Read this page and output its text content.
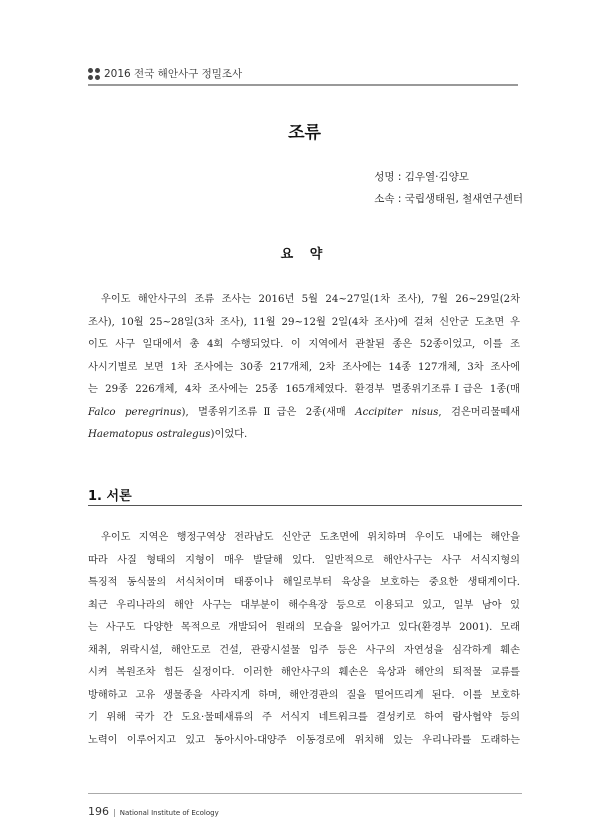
2016 전국 해안사구 정밀조사
조류
성명 : 김우열·김양모
소속 : 국립생태원, 철새연구센터
요 약
우이도 해안사구의 조류 조사는 2016년 5월 24~27일(1차 조사), 7월 26~29일(2차
조사), 10월 25~28일(3차 조사), 11월 29~12월 2일(4차 조사)에 걸쳐 신안군 도초면 우
이도 사구 일대에서 총 4회 수행되었다. 이 지역에서 관찰된 종은 52종이었고, 이를 조
사시기별로 보면 1차 조사에는 30종 217개체, 2차 조사에는 14종 127개체, 3차 조사에
는 29종 226개체, 4차 조사에는 25종 165개체였다. 환경부 멸종위기조류Ⅰ급은 1종(매
Falco peregrinus), 멸종위기조류Ⅱ급은 2종(새매 Accipiter nisus, 검은머리물떼새
Haematopus ostralegus)이었다.
1. 서론
우이도 지역은 행정구역상 전라남도 신안군 도초면에 위치하며 우이도 내에는 해안을
따라 사질 형태의 지형이 매우 발달해 있다. 일반적으로 해안사구는 사구 서식지형의
특징적 동식물의 서식처이며 태풍이나 해일로부터 육상을 보호하는 중요한 생태계이다.
최근 우리나라의 해안 사구는 대부분이 해수욕장 등으로 이용되고 있고, 일부 남아 있
는 사구도 다양한 목적으로 개발되어 원래의 모습을 잃어가고 있다(환경부 2001). 모래
채취, 위락시설, 해안도로 건설, 관광시설물 입주 등은 사구의 자연성을 심각하게 훼손
시켜 복원조차 힘든 실정이다. 이러한 해안사구의 훼손은 육상과 해안의 퇴적물 교류를
방해하고 고유 생물종을 사라지게 하며, 해안경관의 질을 떨어뜨리게 된다. 이를 보호하
기 위해 국가 간 도요·물떼새류의 주 서식지 네트워크를 결성키로 하여 람사협약 등의
노력이 이루어지고 있고 동아시아-대양주 이동경로에 위치해 있는 우리나라를 도래하는
196 | National Institute of Ecology
